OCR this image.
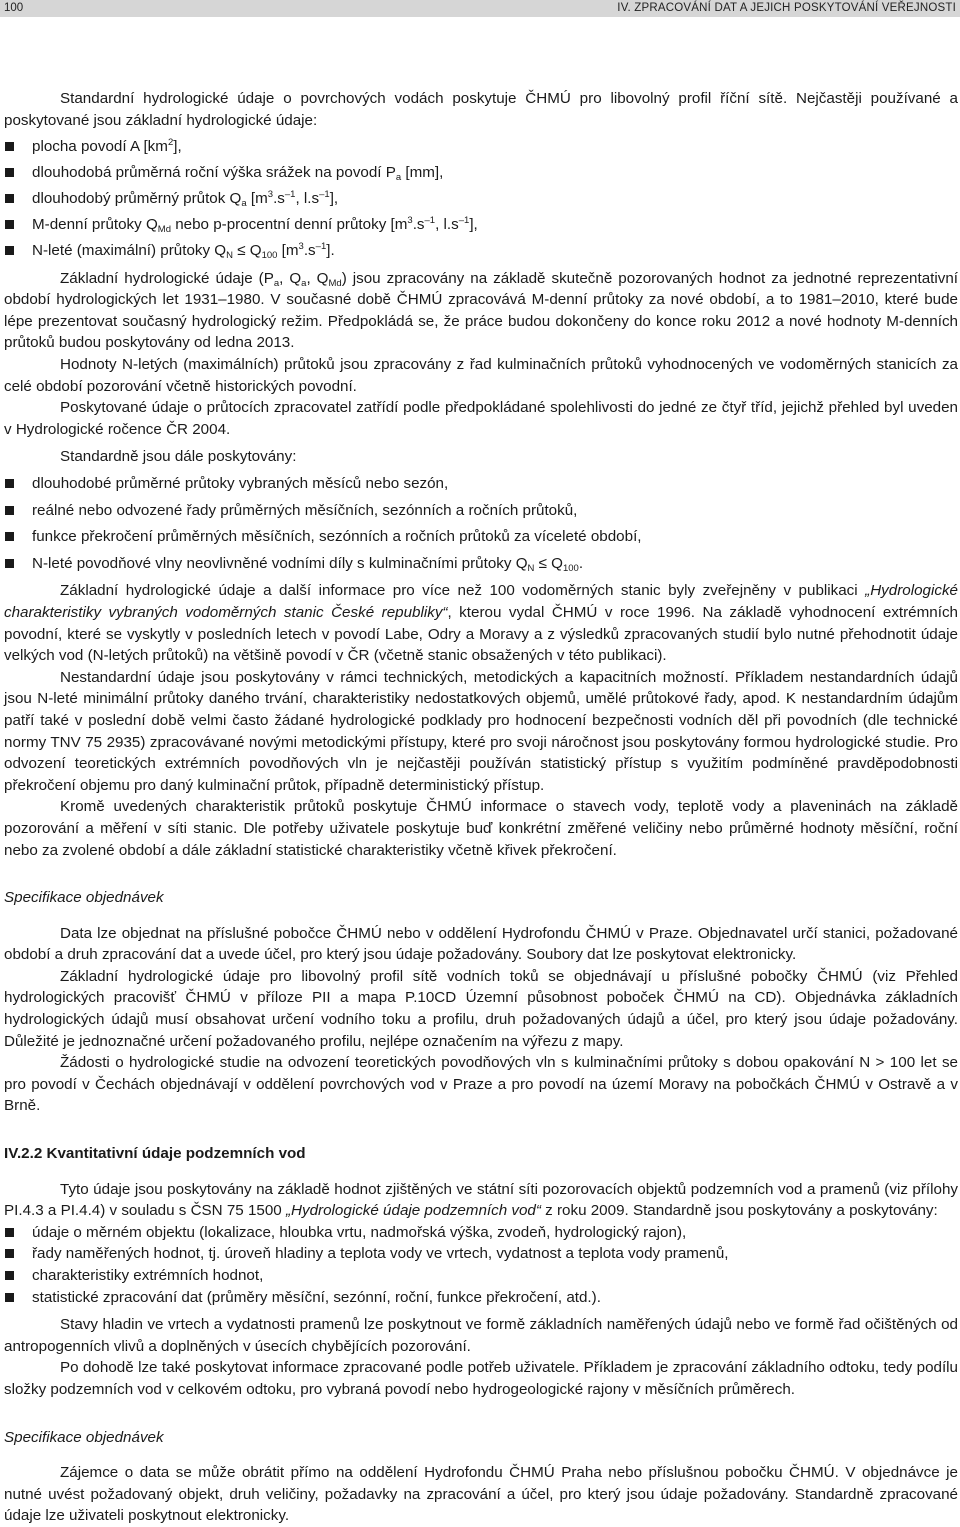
100	IV. ZPRACOVÁNÍ DAT A JEJICH POSKYTOVÁNÍ VEŘEJNOSTI

Standardní hydrologické údaje o povrchových vodách poskytuje ČHMÚ pro libovolný profil říční sítě. Nejčastěji používané a poskytované jsou základní hydrologické údaje:

plocha povodí A $[km^2]$,
dlouhodobá průměrná roční výška srážek na povodí $P_a$ [mm],
dlouhodobý průměrný průtok $Q_a$ [$m^3.s^{-1}$, $l.s^{-1}$],
M-denní průtoky $Q_{Md}$ nebo p-procentní denní průtoky [$m^3.s^{-1}$, $l.s^{-1}$],
N-leté (maximální) průtoky $Q_N \le Q_{100}$ $[m^3.s^{-1}]$.

Základní hydrologické údaje ($P_a$, $Q_a$, $Q_{Md}$) jsou zpracovány na základě skutečně pozorovaných hodnot za jednotné reprezentativní období hydrologických let 1931–1980. V současné době ČHMÚ zpracovává M-denní průtoky za nové období, a to 1981–2010, které bude lépe prezentovat současný hydrologický režim. Předpokládá se, že práce budou dokončeny do konce roku 2012 a nové hodnoty M-denních průtoků budou poskytovány od ledna 2013.

Hodnoty N-letých (maximálních) průtoků jsou zpracovány z řad kulminačních průtoků vyhodnocených ve vodoměrných stanicích za celé období pozorování včetně historických povodní.

Poskytované údaje o průtocích zpracovatel zatřídí podle předpokládané spolehlivosti do jedné ze čtyř tříd, jejichž přehled byl uveden v Hydrologické ročence ČR 2004.

Standardně jsou dále poskytovány:

dlouhodobé průměrné průtoky vybraných měsíců nebo sezón,
reálné nebo odvozené řady průměrných měsíčních, sezónních a ročních průtoků,
funkce překročení průměrných měsíčních, sezónních a ročních průtoků za víceleté období,
N-leté povodňové vlny neovlivněné vodními díly s kulminačními průtoky $Q_N \le Q_{100}$.

Základní hydrologické údaje a další informace pro více než 100 vodoměrných stanic byly zveřejněny v publikaci „Hydrologické charakteristiky vybraných vodoměrných stanic České republiky“, kterou vydal ČHMÚ v roce 1996. Na základě vyhodnocení extrémních povodní, které se vyskytly v posledních letech v povodí Labe, Odry a Moravy a z výsledků zpracovaných studií bylo nutné přehodnotit údaje velkých vod (N-letých průtoků) na většině povodí v ČR (včetně stanic obsažených v této publikaci).

Nestandardní údaje jsou poskytovány v rámci technických, metodických a kapacitních možností. Příkladem nestandardních údajů jsou N-leté minimální průtoky daného trvání, charakteristiky nedostatkových objemů, umělé průtokové řady, apod. K nestandardním údajům patří také v poslední době velmi často žádané hydrologické podklady pro hodnocení bezpečnosti vodních děl při povodních (dle technické normy TNV 75 2935) zpracovávané novými metodickými přístupy, které pro svoji náročnost jsou poskytovány formou hydrologické studie. Pro odvození teoretických extrémních povodňových vln je nejčastěji používán statistický přístup s využitím podmíněné pravděpodobnosti překročení objemu pro daný kulminační průtok, případně deterministický přístup.

Kromě uvedených charakteristik průtoků poskytuje ČHMÚ informace o stavech vody, teplotě vody a plaveninách na základě pozorování a měření v síti stanic. Dle potřeby uživatele poskytuje buď konkrétní změřené veličiny nebo průměrné hodnoty měsíční, roční nebo za zvolené období a dále základní statistické charakteristiky včetně křivek překročení.

Specifikace objednávek

Data lze objednat na příslušné pobočce ČHMÚ nebo v oddělení Hydrofondu ČHMÚ v Praze. Objednavatel určí stanici, požadované období a druh zpracování dat a uvede účel, pro který jsou údaje požadovány. Soubory dat lze poskytovat elektronicky.

Základní hydrologické údaje pro libovolný profil sítě vodních toků se objednávají u příslušné pobočky ČHMÚ (viz Přehled hydrologických pracovišť ČHMÚ v příloze PII a mapa P.10CD Územní působnost poboček ČHMÚ na CD). Objednávka základních hydrologických údajů musí obsahovat určení vodního toku a profilu, druh požadovaných údajů a účel, pro který jsou údaje požadovány. Důležité je jednoznačné určení požadovaného profilu, nejlépe označením na výřezu z mapy.

Žádosti o hydrologické studie na odvození teoretických povodňových vln s kulminačními průtoky s dobou opakování N > 100 let se pro povodí v Čechách objednávají v oddělení povrchových vod v Praze a pro povodí na území Moravy na pobočkách ČHMÚ v Ostravě a v Brně.

IV.2.2 Kvantitativní údaje podzemních vod

Tyto údaje jsou poskytovány na základě hodnot zjištěných ve státní síti pozorovacích objektů podzemních vod a pramenů (viz přílohy PI.4.3 a PI.4.4) v souladu s ČSN 75 1500 „Hydrologické údaje podzemních vod“ z roku 2009. Standardně jsou poskytovány a poskytovány:

údaje o měrném objektu (lokalizace, hloubka vrtu, nadmořská výška, zvodeň, hydrologický rajon),
řady naměřených hodnot, tj. úroveň hladiny a teplota vody ve vrtech, vydatnost a teplota vody pramenů,
charakteristiky extrémních hodnot,
statistické zpracování dat (průměry měsíční, sezónní, roční, funkce překročení, atd.).

Stavy hladin ve vrtech a vydatnosti pramenů lze poskytnout ve formě základních naměřených údajů nebo ve formě řad očištěných od antropogenních vlivů a doplněných v úsecích chybějících pozorování.

Po dohodě lze také poskytovat informace zpracované podle potřeb uživatele. Příkladem je zpracování základního odtoku, tedy podílu složky podzemních vod v celkovém odtoku, pro vybraná povodí nebo hydrogeologické rajony v měsíčních průměrech.

Specifikace objednávek

Zájemce o data se může obrátit přímo na oddělení Hydrofondu ČHMÚ Praha nebo příslušnou pobočku ČHMÚ. V objednávce je nutné uvést požadovaný objekt, druh veličiny, požadavky na zpracování a účel, pro který jsou údaje požadovány. Standardně zpracované údaje lze uživateli poskytnout elektronicky.
